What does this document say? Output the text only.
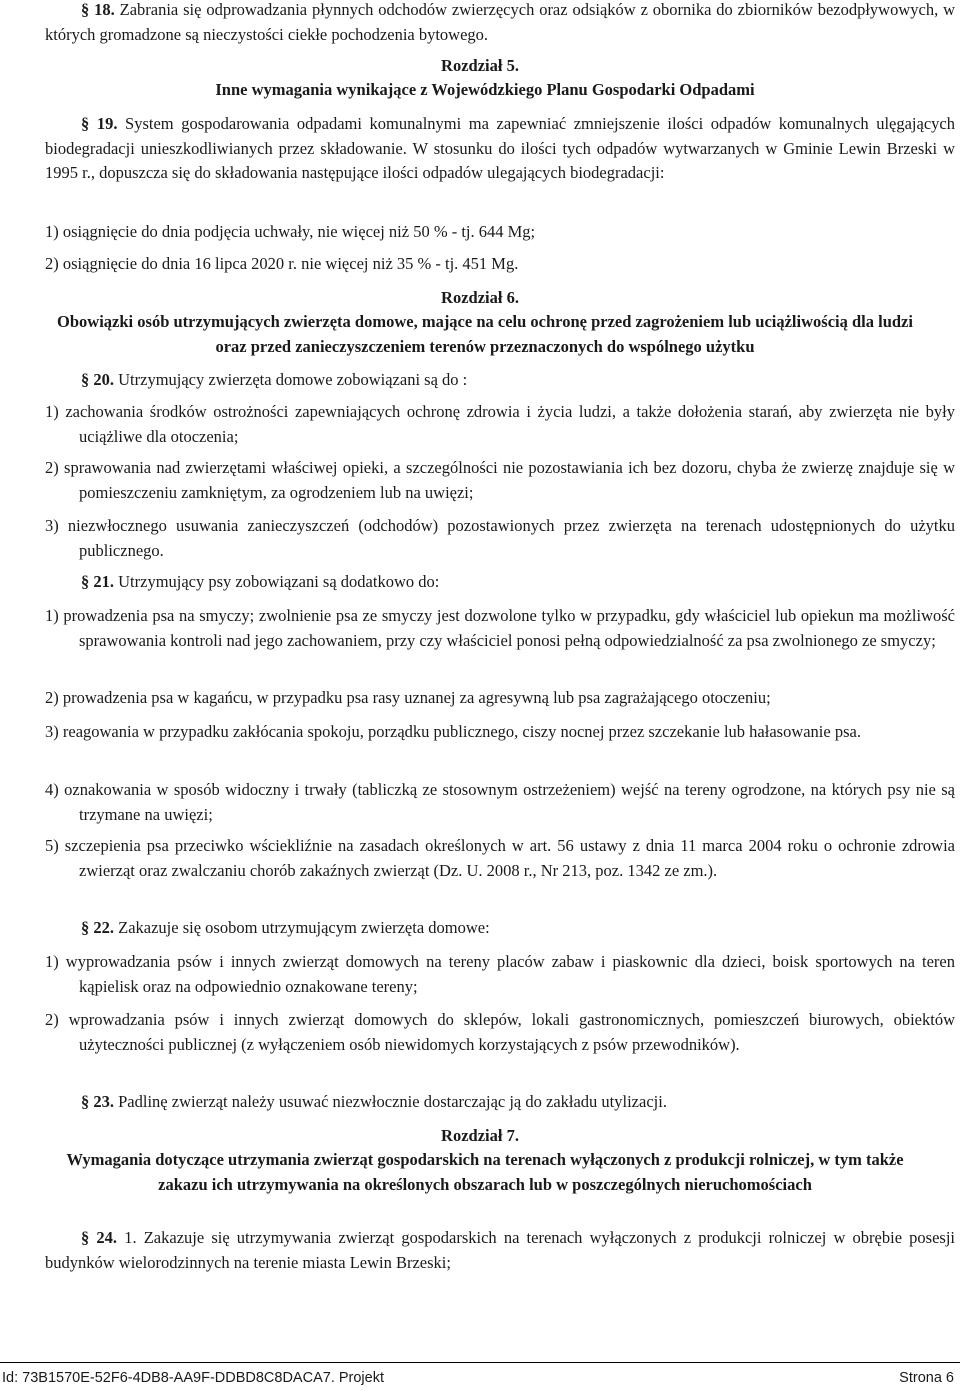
§ 18. Zabrania się odprowadzania płynnych odchodów zwierzęcych oraz odsiąków z obornika do zbiorników bezodpływowych, w których gromadzone są nieczystości ciekłe pochodzenia bytowego.

Rozdział 5.

Inne wymagania wynikające z Wojewódzkiego Planu Gospodarki Odpadami

§ 19. System gospodarowania odpadami komunalnymi ma zapewniać zmniejszenie ilości odpadów komunalnych ulęgających biodegradacji unieszkodliwianych przez składowanie. W stosunku do ilości tych odpadów wytwarzanych w Gminie Lewin Brzeski w 1995 r., dopuszcza się do składowania następujące ilości odpadów ulegających biodegradacji:

1) osiągnięcie do dnia podjęcia uchwały, nie więcej niż 50 % - tj. 644 Mg;

2) osiągnięcie do dnia 16 lipca 2020 r. nie więcej niż 35 % - tj. 451 Mg.

Rozdział 6.

Obowiązki osób utrzymujących zwierzęta domowe, mające na celu ochronę przed zagrożeniem lub uciążliwością dla ludzi oraz przed zanieczyszczeniem terenów przeznaczonych do wspólnego użytku

§ 20. Utrzymujący zwierzęta domowe zobowiązani są do :

1) zachowania środków ostrożności zapewniających ochronę zdrowia i życia ludzi, a także dołożenia starań, aby zwierzęta nie były uciążliwe dla otoczenia;

2) sprawowania nad zwierzętami właściwej opieki, a szczególności nie pozostawiania ich bez dozoru, chyba że zwierzę znajduje się w pomieszczeniu zamkniętym, za ogrodzeniem lub na uwięzi;

3) niezwłocznego usuwania zanieczyszczeń (odchodów) pozostawionych przez zwierzęta na terenach udostępnionych do użytku publicznego.

§ 21. Utrzymujący psy zobowiązani są dodatkowo do:

1) prowadzenia psa na smyczy; zwolnienie psa ze smyczy jest dozwolone tylko w przypadku, gdy właściciel lub opiekun ma możliwość sprawowania kontroli nad jego zachowaniem, przy czy właściciel ponosi pełną odpowiedzialność za psa zwolnionego ze smyczy;

2) prowadzenia psa w kagańcu, w przypadku psa rasy uznanej za agresywną lub psa zagrażającego otoczeniu;

3) reagowania w przypadku zakłócania spokoju, porządku publicznego, ciszy nocnej przez szczekanie lub hałasowanie psa.

4) oznakowania w sposób widoczny i trwały (tabliczką ze stosownym ostrzeżeniem) wejść na tereny ogrodzone, na których psy nie są trzymane na uwięzi;

5) szczepienia psa przeciwko wściekliźnie na zasadach określonych w art. 56 ustawy z dnia 11 marca 2004 roku o ochronie zdrowia zwierząt oraz zwalczaniu chorób zakaźnych zwierząt (Dz. U. 2008 r., Nr 213, poz. 1342 ze zm.).

§ 22. Zakazuje się osobom utrzymującym zwierzęta domowe:

1) wyprowadzania psów i innych zwierząt domowych na tereny placów zabaw i piaskownic dla dzieci, boisk sportowych na teren kąpielisk oraz na odpowiednio oznakowane tereny;

2) wprowadzania psów i innych zwierząt domowych do sklepów, lokali gastronomicznych, pomieszczeń biurowych, obiektów użyteczności publicznej (z wyłączeniem osób niewidomych korzystających z psów przewodników).

§ 23. Padlinę zwierząt należy usuwać niezwłocznie dostarczając ją do zakładu utylizacji.

Rozdział 7.

Wymagania dotyczące utrzymania zwierząt gospodarskich na terenach wyłączonych z produkcji rolniczej, w tym także zakazu ich utrzymywania na określonych obszarach lub w poszczególnych nieruchomościach

§ 24. 1. Zakazuje się utrzymywania zwierząt gospodarskich na terenach wyłączonych z produkcji rolniczej w obrębie posesji budynków wielorodzinnych na terenie miasta Lewin Brzeski;

Id: 73B1570E-52F6-4DB8-AA9F-DDBD8C8DACA7. Projekt	Strona 6
